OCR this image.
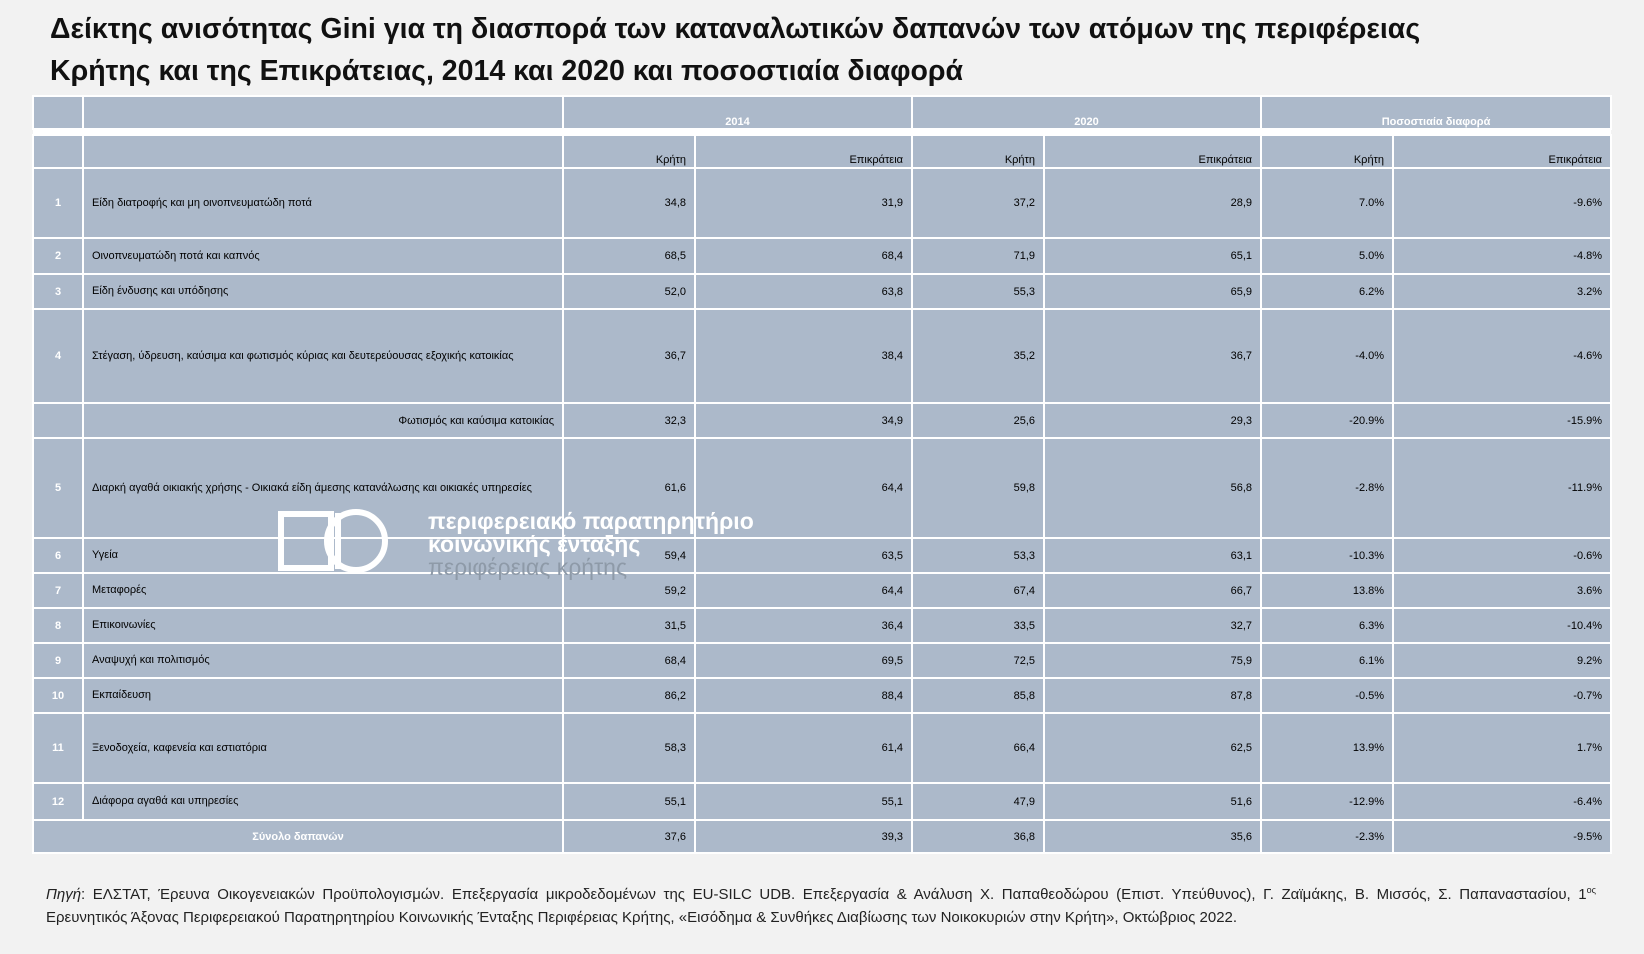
Δείκτης ανισότητας Gini για τη διασπορά των καταναλωτικών δαπανών των ατόμων της περιφέρειας
Κρήτης και της Επικράτειας, 2014 και 2020 και ποσοστιαία διαφορά
		2014		2020		Ποσοστιαία διαφορά	

		Κρήτη	Επικράτεια	Κρήτη	Επικράτεια	Κρήτη	Επικράτεια
1	Είδη διατροφής και μη οινοπνευματώδη ποτά	34,8	31,9	37,2	28,9	7.0%	-9.6%
2	Οινοπνευματώδη ποτά και καπνός	68,5	68,4	71,9	65,1	5.0%	-4.8%
3	Είδη ένδυσης και υπόδησης	52,0	63,8	55,3	65,9	6.2%	3.2%
4	Στέγαση, ύδρευση, καύσιμα και φωτισμός κύριας και δευτερεύουσας εξοχικής κατοικίας	36,7	38,4	35,2	36,7	-4.0%	-4.6%
	Φωτισμός και καύσιμα κατοικίας	32,3	34,9	25,6	29,3	-20.9%	-15.9%
5	Διαρκή αγαθά οικιακής χρήσης - Οικιακά είδη άμεσης κατανάλωσης και οικιακές υπηρεσίες	61,6	64,4	59,8	56,8	-2.8%	-11.9%
6	Υγεία	59,4	63,5	53,3	63,1	-10.3%	-0.6%
7	Μεταφορές	59,2	64,4	67,4	66,7	13.8%	3.6%
8	Επικοινωνίες	31,5	36,4	33,5	32,7	6.3%	-10.4%
9	Αναψυχή και πολιτισμός	68,4	69,5	72,5	75,9	6.1%	9.2%
10	Εκπαίδευση	86,2	88,4	85,8	87,8	-0.5%	-0.7%
11	Ξενοδοχεία, καφενεία και εστιατόρια	58,3	61,4	66,4	62,5	13.9%	1.7%
12	Διάφορα αγαθά και υπηρεσίες	55,1	55,1	47,9	51,6	-12.9%	-6.4%
Σύνολο δαπανών		37,6	39,3	36,8	35,6	-2.3%	-9.5%
περιφερειακό παρατηρητήριο
κοινωνικής ένταξης
περιφέρειας κρήτης
Πηγή: ΕΛΣΤΑΤ, Έρευνα Οικογενειακών Προϋπολογισμών. Επεξεργασία μικροδεδομένων της EU-SILC UDB. Επεξεργασία & Ανάλυση Χ. Παπαθεοδώρου (Επιστ. Υπεύθυνος), Γ. Ζαϊμάκης, Β. Μισσός, Σ. Παπαναστασίου, $1^{o\varsigma}$ Ερευνητικός Άξονας Περιφερειακού Παρατηρητηρίου Κοινωνικής Ένταξης Περιφέρειας Κρήτης, «Εισόδημα & Συνθήκες Διαβίωσης των Νοικοκυριών στην Κρήτη», Οκτώβριος 2022.
